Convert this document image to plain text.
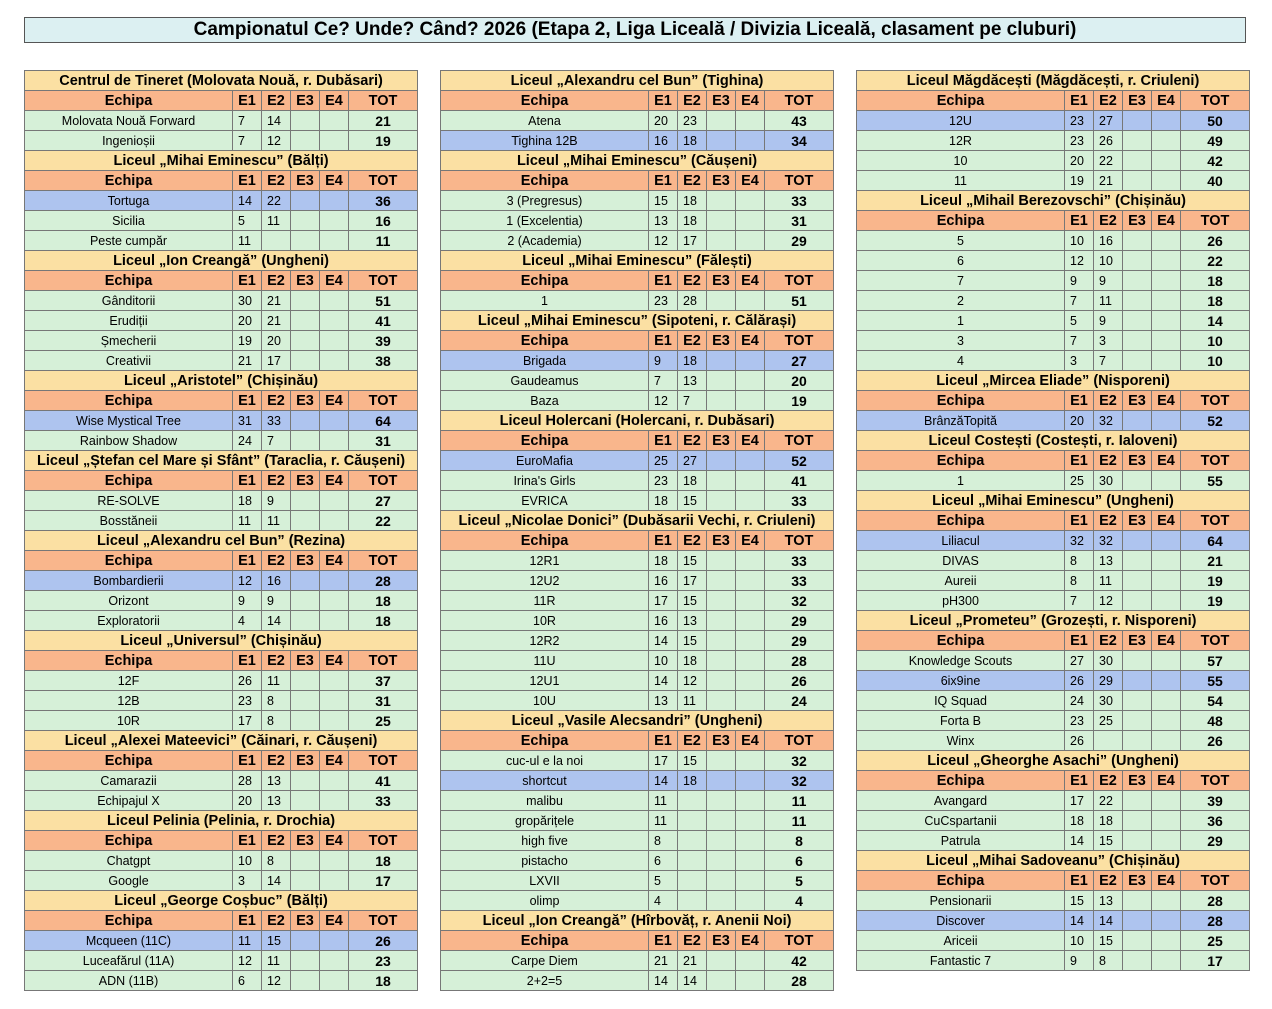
Campionatul Ce? Unde? Când? 2026 (Etapa 2, Liga Liceală / Divizia Liceală, clasament pe cluburi)
Centrul de Tineret (Molovata Nouă, r. Dubăsari)					
Echipa	E1	E2	E3	E4	TOT
Molovata Nouă Forward	7	14			21
Ingenioșii	7	12			19
Liceul „Mihai Eminescu” (Bălți)					
Echipa	E1	E2	E3	E4	TOT
Tortuga	14	22			36
Sicilia	5	11			16
Peste cumpăr	11				11
Liceul „Ion Creangă” (Ungheni)					
Echipa	E1	E2	E3	E4	TOT
Gânditorii	30	21			51
Erudiții	20	21			41
Șmecherii	19	20			39
Creativii	21	17			38
Liceul „Aristotel” (Chișinău)					
Echipa	E1	E2	E3	E4	TOT
Wise Mystical Tree	31	33			64
Rainbow Shadow	24	7			31
Liceul „Ștefan cel Mare și Sfânt” (Taraclia, r. Căușeni)					
Echipa	E1	E2	E3	E4	TOT
RE-SOLVE	18	9			27
Bosstăneii	11	11			22
Liceul „Alexandru cel Bun” (Rezina)					
Echipa	E1	E2	E3	E4	TOT
Bombardierii	12	16			28
Orizont	9	9			18
Exploratorii	4	14			18
Liceul „Universul” (Chișinău)					
Echipa	E1	E2	E3	E4	TOT
12F	26	11			37
12B	23	8			31
10R	17	8			25
Liceul „Alexei Mateevici” (Căinari, r. Căușeni)					
Echipa	E1	E2	E3	E4	TOT
Camarazii	28	13			41
Echipajul X	20	13			33
Liceul Pelinia (Pelinia, r. Drochia)					
Echipa	E1	E2	E3	E4	TOT
Chatgpt	10	8			18
Google	3	14			17
Liceul „George Coșbuc” (Bălți)					
Echipa	E1	E2	E3	E4	TOT
Mcqueen (11C)	11	15			26
Luceafărul (11A)	12	11			23
ADN (11B)	6	12			18
Liceul „Alexandru cel Bun” (Tighina)					
Echipa	E1	E2	E3	E4	TOT
Atena	20	23			43
Tighina 12B	16	18			34
Liceul „Mihai Eminescu” (Căușeni)					
Echipa	E1	E2	E3	E4	TOT
3 (Pregresus)	15	18			33
1 (Excelentia)	13	18			31
2 (Academia)	12	17			29
Liceul „Mihai Eminescu” (Fălești)					
Echipa	E1	E2	E3	E4	TOT
1	23	28			51
Liceul „Mihai Eminescu” (Sipoteni, r. Călărași)					
Echipa	E1	E2	E3	E4	TOT
Brigada	9	18			27
Gaudeamus	7	13			20
Baza	12	7			19
Liceul Holercani (Holercani, r. Dubăsari)					
Echipa	E1	E2	E3	E4	TOT
EuroMafia	25	27			52
Irina's Girls	23	18			41
EVRICA	18	15			33
Liceul „Nicolae Donici” (Dubăsarii Vechi, r. Criuleni)					
Echipa	E1	E2	E3	E4	TOT
12R1	18	15			33
12U2	16	17			33
11R	17	15			32
10R	16	13			29
12R2	14	15			29
11U	10	18			28
12U1	14	12			26
10U	13	11			24
Liceul „Vasile Alecsandri” (Ungheni)					
Echipa	E1	E2	E3	E4	TOT
cuc-ul e la noi	17	15			32
shortcut	14	18			32
malibu	11				11
gropărițele	11				11
high five	8				8
pistacho	6				6
LXVII	5				5
olimp	4				4
Liceul „Ion Creangă” (Hîrbovăț, r. Anenii Noi)					
Echipa	E1	E2	E3	E4	TOT
Carpe Diem	21	21			42
2+2=5	14	14			28
Liceul Măgdăcești (Măgdăcești, r. Criuleni)					
Echipa	E1	E2	E3	E4	TOT
12U	23	27			50
12R	23	26			49
10	20	22			42
11	19	21			40
Liceul „Mihail Berezovschi” (Chișinău)					
Echipa	E1	E2	E3	E4	TOT
5	10	16			26
6	12	10			22
7	9	9			18
2	7	11			18
1	5	9			14
3	7	3			10
4	3	7			10
Liceul „Mircea Eliade” (Nisporeni)					
Echipa	E1	E2	E3	E4	TOT
BrânzăTopită	20	32			52
Liceul Costești (Costești, r. Ialoveni)					
Echipa	E1	E2	E3	E4	TOT
1	25	30			55
Liceul „Mihai Eminescu” (Ungheni)					
Echipa	E1	E2	E3	E4	TOT
Liliacul	32	32			64
DIVAS	8	13			21
Aureii	8	11			19
pH300	7	12			19
Liceul „Prometeu” (Grozești, r. Nisporeni)					
Echipa	E1	E2	E3	E4	TOT
Knowledge Scouts	27	30			57
6ix9ine	26	29			55
IQ Squad	24	30			54
Forta B	23	25			48
Winx	26				26
Liceul „Gheorghe Asachi” (Ungheni)					
Echipa	E1	E2	E3	E4	TOT
Avangard	17	22			39
CuCspartanii	18	18			36
Patrula	14	15			29
Liceul „Mihai Sadoveanu” (Chișinău)					
Echipa	E1	E2	E3	E4	TOT
Pensionarii	15	13			28
Discover	14	14			28
Ariceii	10	15			25
Fantastic 7	9	8			17
